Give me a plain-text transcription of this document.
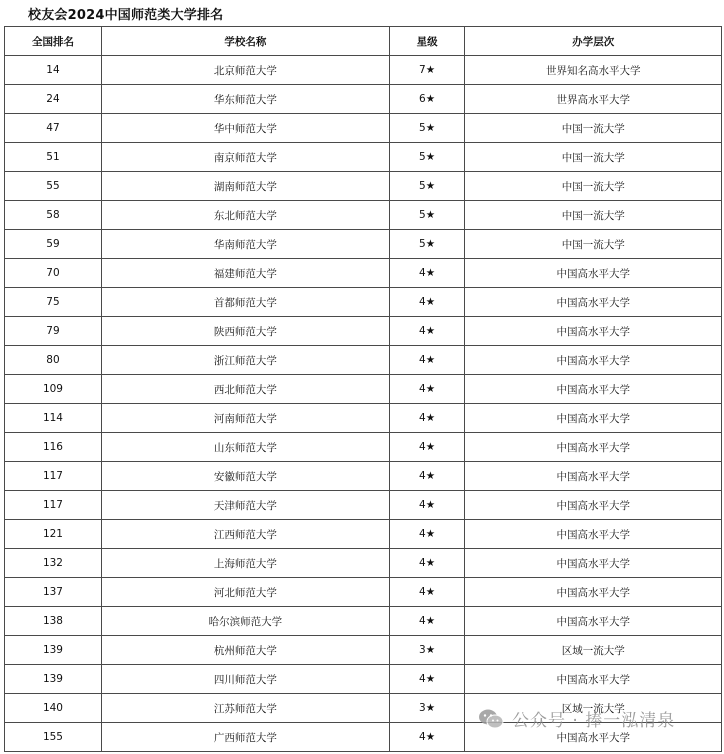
校友会2024中国师范类大学排名
全国排名	学校名称	星级	办学层次
14	北京师范大学	7★	世界知名高水平大学
24	华东师范大学	6★	世界高水平大学
47	华中师范大学	5★	中国一流大学
51	南京师范大学	5★	中国一流大学
55	湖南师范大学	5★	中国一流大学
58	东北师范大学	5★	中国一流大学
59	华南师范大学	5★	中国一流大学
70	福建师范大学	4★	中国高水平大学
75	首都师范大学	4★	中国高水平大学
79	陕西师范大学	4★	中国高水平大学
80	浙江师范大学	4★	中国高水平大学
109	西北师范大学	4★	中国高水平大学
114	河南师范大学	4★	中国高水平大学
116	山东师范大学	4★	中国高水平大学
117	安徽师范大学	4★	中国高水平大学
117	天津师范大学	4★	中国高水平大学
121	江西师范大学	4★	中国高水平大学
132	上海师范大学	4★	中国高水平大学
137	河北师范大学	4★	中国高水平大学
138	哈尔滨师范大学	4★	中国高水平大学
139	杭州师范大学	3★	区域一流大学
139	四川师范大学	4★	中国高水平大学
140	江苏师范大学	3★	区域一流大学
155	广西师范大学	4★	中国高水平大学
公众号 · 捧一泓清泉
